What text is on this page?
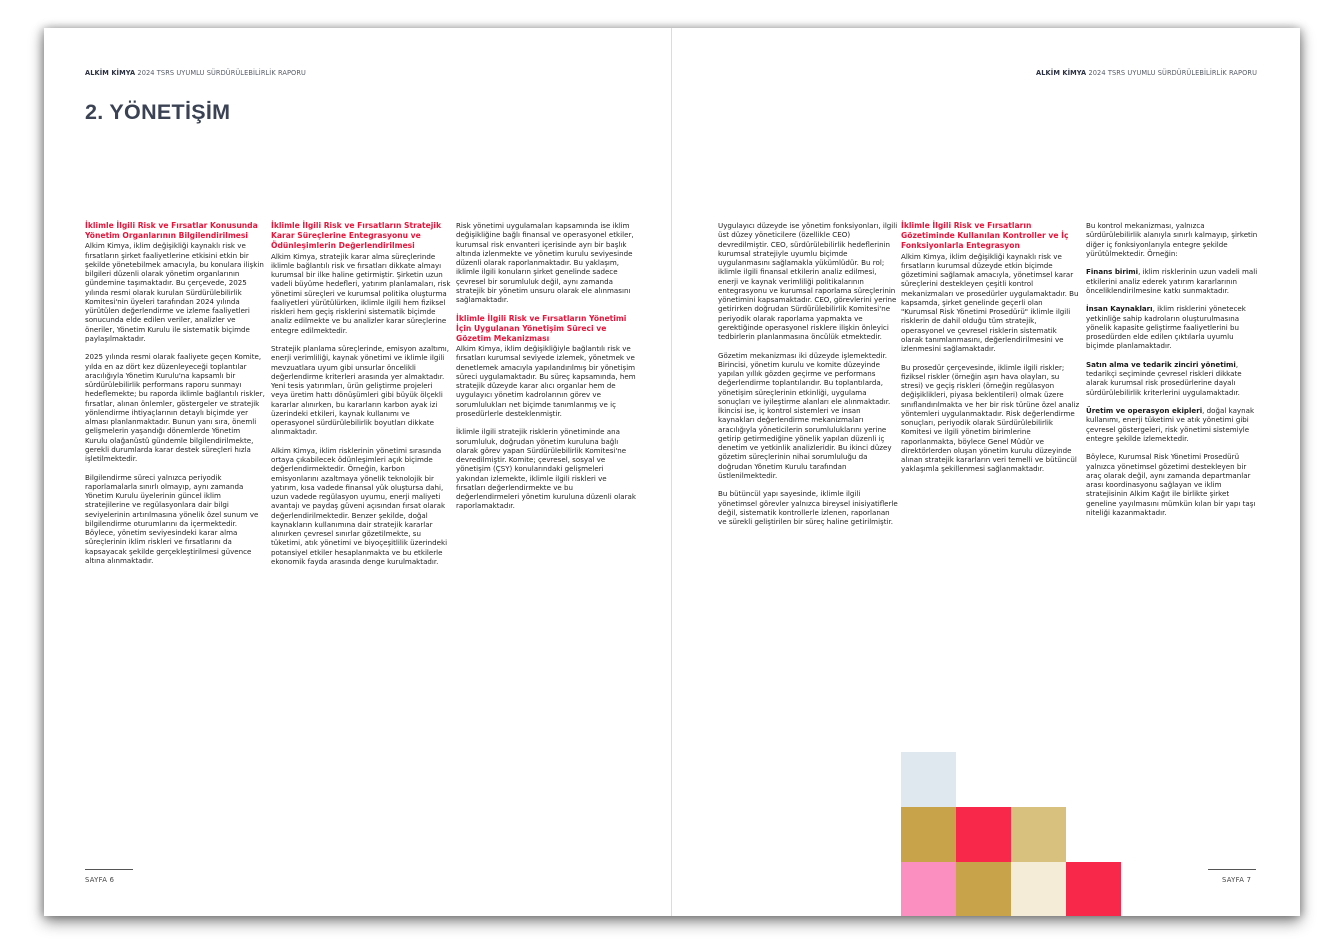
ALKİM KİMYA 2024 TSRS UYUMLU SÜRDÜRÜLEBİLİRLİK RAPORU
2. YÖNETİŞİM
İklimle İlgili Risk ve Fırsatlar Konusunda Yönetim Organlarının Bilgilendirilmesi

Alkim Kimya, iklim değişikliği kaynaklı risk ve fırsatların şirket faaliyetlerine etkisini etkin bir şekilde yönetebilmek amacıyla, bu konulara ilişkin bilgileri düzenli olarak yönetim organlarının gündemine taşımaktadır. Bu çerçevede, 2025 yılında resmi olarak kurulan Sürdürülebilirlik Komitesi'nin üyeleri tarafından 2024 yılında yürütülen değerlendirme ve izleme faaliyetleri sonucunda elde edilen veriler, analizler ve öneriler, Yönetim Kurulu ile sistematik biçimde paylaşılmaktadır.

2025 yılında resmi olarak faaliyete geçen Komite, yılda en az dört kez düzenleyeceği toplantılar aracılığıyla Yönetim Kurulu'na kapsamlı bir sürdürülebilirlik performans raporu sunmayı hedeflemekte; bu raporda iklimle bağlantılı riskler, fırsatlar, alınan önlemler, göstergeler ve stratejik yönlendirme ihtiyaçlarının detaylı biçimde yer alması planlanmaktadır. Bunun yanı sıra, önemli gelişmelerin yaşandığı dönemlerde Yönetim Kurulu olağanüstü gündemle bilgilendirilmekte, gerekli durumlarda karar destek süreçleri hızla işletilmektedir.

Bilgilendirme süreci yalnızca periyodik raporlamalarla sınırlı olmayıp, aynı zamanda Yönetim Kurulu üyelerinin güncel iklim stratejilerine ve regülasyonlara dair bilgi seviyelerinin artırılmasına yönelik özel sunum ve bilgilendirme oturumlarını da içermektedir. Böylece, yönetim seviyesindeki karar alma süreçlerinin iklim riskleri ve fırsatlarını da kapsayacak şekilde gerçekleştirilmesi güvence altına alınmaktadır.

İklimle İlgili Risk ve Fırsatların Stratejik Karar Süreçlerine Entegrasyonu ve Ödünleşimlerin Değerlendirilmesi

Alkim Kimya, stratejik karar alma süreçlerinde iklimle bağlantılı risk ve fırsatları dikkate almayı kurumsal bir ilke haline getirmiştir. Şirketin uzun vadeli büyüme hedefleri, yatırım planlamaları, risk yönetimi süreçleri ve kurumsal politika oluşturma faaliyetleri yürütülürken, iklimle ilgili hem fiziksel riskleri hem geçiş risklerini sistematik biçimde analiz edilmekte ve bu analizler karar süreçlerine entegre edilmektedir.

Stratejik planlama süreçlerinde, emisyon azaltımı, enerji verimliliği, kaynak yönetimi ve iklimle ilgili mevzuatlara uyum gibi unsurlar öncelikli değerlendirme kriterleri arasında yer almaktadır. Yeni tesis yatırımları, ürün geliştirme projeleri veya üretim hattı dönüşümleri gibi büyük ölçekli kararlar alınırken, bu kararların karbon ayak izi üzerindeki etkileri, kaynak kullanımı ve operasyonel sürdürülebilirlik boyutları dikkate alınmaktadır.

Alkim Kimya, iklim risklerinin yönetimi sırasında ortaya çıkabilecek ödünleşimleri açık biçimde değerlendirmektedir. Örneğin, karbon emisyonlarını azaltmaya yönelik teknolojik bir yatırım, kısa vadede finansal yük oluştursa dahi, uzun vadede regülasyon uyumu, enerji maliyeti avantajı ve paydaş güveni açısından fırsat olarak değerlendirilmektedir. Benzer şekilde, doğal kaynakların kullanımına dair stratejik kararlar alınırken çevresel sınırlar gözetilmekte, su tüketimi, atık yönetimi ve biyoçeşitlilik üzerindeki potansiyel etkiler hesaplanmakta ve bu etkilerle ekonomik fayda arasında denge kurulmaktadır.

Risk yönetimi uygulamaları kapsamında ise iklim değişikliğine bağlı finansal ve operasyonel etkiler, kurumsal risk envanteri içerisinde ayrı bir başlık altında izlenmekte ve yönetim kurulu seviyesinde düzenli olarak raporlanmaktadır. Bu yaklaşım, iklimle ilgili konuların şirket genelinde sadece çevresel bir sorumluluk değil, aynı zamanda stratejik bir yönetim unsuru olarak ele alınmasını sağlamaktadır.

İklimle İlgili Risk ve Fırsatların Yönetimi İçin Uygulanan Yönetişim Süreci ve Gözetim Mekanizması

Alkim Kimya, iklim değişikliğiyle bağlantılı risk ve fırsatları kurumsal seviyede izlemek, yönetmek ve denetlemek amacıyla yapılandırılmış bir yönetişim süreci uygulamaktadır. Bu süreç kapsamında, hem stratejik düzeyde karar alıcı organlar hem de uygulayıcı yönetim kadrolarının görev ve sorumlulukları net biçimde tanımlanmış ve iç prosedürlerle desteklenmiştir.

İklimle ilgili stratejik risklerin yönetiminde ana sorumluluk, doğrudan yönetim kuruluna bağlı olarak görev yapan Sürdürülebilirlik Komitesi'ne devredilmiştir. Komite; çevresel, sosyal ve yönetişim (ÇSY) konularındaki gelişmeleri yakından izlemekte, iklimle ilgili riskleri ve fırsatları değerlendirmekte ve bu değerlendirmeleri yönetim kuruluna düzenli olarak raporlamaktadır.

SAYFA 6
ALKİM KİMYA 2024 TSRS UYUMLU SÜRDÜRÜLEBİLİRLİK RAPORU

Uygulayıcı düzeyde ise yönetim fonksiyonları, ilgili üst düzey yöneticilere (özellikle CEO) devredilmiştir. CEO, sürdürülebilirlik hedeflerinin kurumsal stratejiyle uyumlu biçimde uygulanmasını sağlamakla yükümlüdür. Bu rol; iklimle ilgili finansal etkilerin analiz edilmesi, enerji ve kaynak verimliliği politikalarının entegrasyonu ve kurumsal raporlama süreçlerinin yönetimini kapsamaktadır. CEO, görevlerini yerine getirirken doğrudan Sürdürülebilirlik Komitesi'ne periyodik olarak raporlama yapmakta ve gerektiğinde operasyonel risklere ilişkin önleyici tedbirlerin planlanmasına öncülük etmektedir.

Gözetim mekanizması iki düzeyde işlemektedir. Birincisi, yönetim kurulu ve komite düzeyinde yapılan yıllık gözden geçirme ve performans değerlendirme toplantılarıdır. Bu toplantılarda, yönetişim süreçlerinin etkinliği, uygulama sonuçları ve iyileştirme alanları ele alınmaktadır. İkincisi ise, iç kontrol sistemleri ve insan kaynakları değerlendirme mekanizmaları aracılığıyla yöneticilerin sorumluluklarını yerine getirip getirmediğine yönelik yapılan düzenli iç denetim ve yetkinlik analizleridir. Bu ikinci düzey gözetim süreçlerinin nihai sorumluluğu da doğrudan Yönetim Kurulu tarafından üstlenilmektedir.

Bu bütüncül yapı sayesinde, iklimle ilgili yönetimsel görevler yalnızca bireysel inisiyatiflerle değil, sistematik kontrollerle izlenen, raporlanan ve sürekli geliştirilen bir süreç haline getirilmiştir.

İklimle İlgili Risk ve Fırsatların Gözetiminde Kullanılan Kontroller ve İç Fonksiyonlarla Entegrasyon

Alkim Kimya, iklim değişikliği kaynaklı risk ve fırsatların kurumsal düzeyde etkin biçimde gözetimini sağlamak amacıyla, yönetimsel karar süreçlerini destekleyen çeşitli kontrol mekanizmaları ve prosedürler uygulamaktadır. Bu kapsamda, şirket genelinde geçerli olan "Kurumsal Risk Yönetimi Prosedürü" iklimle ilgili risklerin de dahil olduğu tüm stratejik, operasyonel ve çevresel risklerin sistematik olarak tanımlanmasını, değerlendirilmesini ve izlenmesini sağlamaktadır.

Bu prosedür çerçevesinde, iklimle ilgili riskler; fiziksel riskler (örneğin aşırı hava olayları, su stresi) ve geçiş riskleri (örneğin regülasyon değişiklikleri, piyasa beklentileri) olmak üzere sınıflandırılmakta ve her bir risk türüne özel analiz yöntemleri uygulanmaktadır. Risk değerlendirme sonuçları, periyodik olarak Sürdürülebilirlik Komitesi ve ilgili yönetim birimlerine raporlanmakta, böylece Genel Müdür ve direktörlerden oluşan yönetim kurulu düzeyinde alınan stratejik kararların veri temelli ve bütüncül yaklaşımla şekillenmesi sağlanmaktadır.

Bu kontrol mekanizması, yalnızca sürdürülebilirlik alanıyla sınırlı kalmayıp, şirketin diğer iç fonksiyonlarıyla entegre şekilde yürütülmektedir. Örneğin:

Finans birimi, iklim risklerinin uzun vadeli mali etkilerini analiz ederek yatırım kararlarının önceliklendirilmesine katkı sunmaktadır.

İnsan Kaynakları, iklim risklerini yönetecek yetkinliğe sahip kadroların oluşturulmasına yönelik kapasite geliştirme faaliyetlerini bu prosedürden elde edilen çıktılarla uyumlu biçimde planlamaktadır.

Satın alma ve tedarik zinciri yönetimi, tedarikçi seçiminde çevresel riskleri dikkate alarak kurumsal risk prosedürlerine dayalı sürdürülebilirlik kriterlerini uygulamaktadır.

Üretim ve operasyon ekipleri, doğal kaynak kullanımı, enerji tüketimi ve atık yönetimi gibi çevresel göstergeleri, risk yönetimi sistemiyle entegre şekilde izlemektedir.

Böylece, Kurumsal Risk Yönetimi Prosedürü yalnızca yönetimsel gözetimi destekleyen bir araç olarak değil, aynı zamanda departmanlar arası koordinasyonu sağlayan ve iklim stratejisinin Alkim Kağıt ile birlikte şirket geneline yayılmasını mümkün kılan bir yapı taşı niteliği kazanmaktadır.

SAYFA 7
